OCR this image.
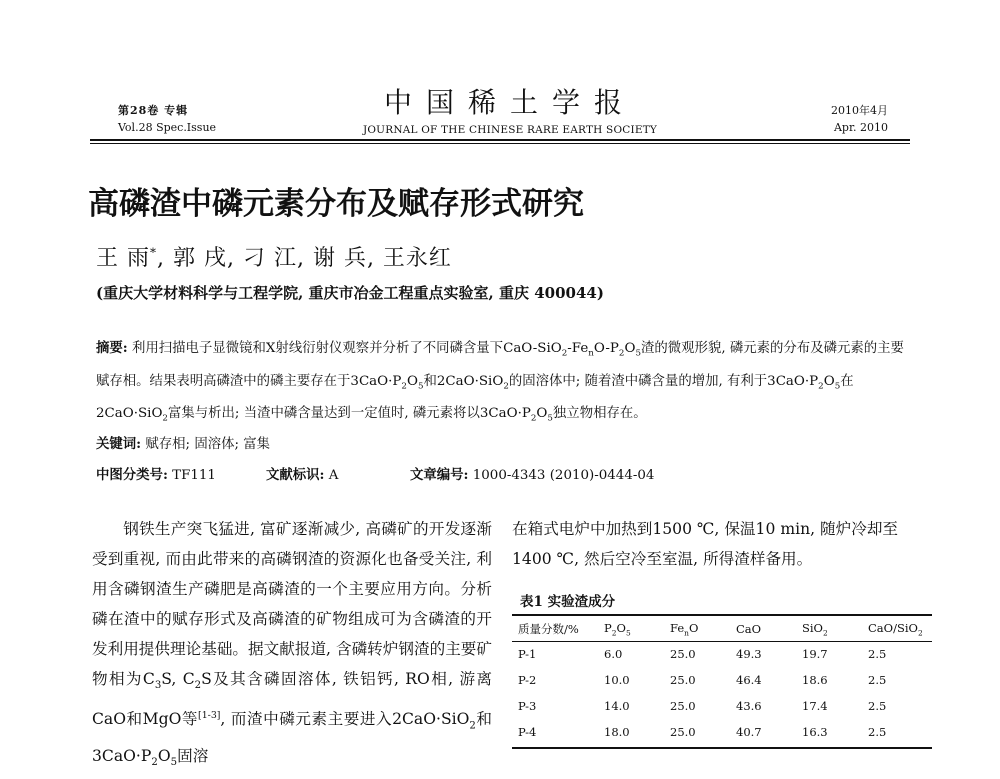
第28卷 专辑
Vol.28 Spec.Issue
中国稀土学报
JOURNAL OF THE CHINESE RARE EARTH SOCIETY
2010年4月
Apr. 2010
高磷渣中磷元素分布及赋存形式研究
王 雨*, 郭 戌, 刁 江, 谢 兵, 王永红
(重庆大学材料科学与工程学院, 重庆市冶金工程重点实验室, 重庆 400044)
摘要: 利用扫描电子显微镜和X射线衍射仪观察并分析了不同磷含量下CaO-$SiO_2-Fe_nO-P_2O_5$渣的微观形貌, 磷元素的分布及磷元素的主要赋存相。结果表明高磷渣中的磷主要存在于$3CaO\cdot P_2O_5$和2CaO·SiO$_2$的固溶体中; 随着渣中磷含量的增加, 有利于$3CaO\cdot P_2O_5$在2CaO·SiO$_2$富集与析出; 当渣中磷含量达到一定值时, 磷元素将以$3CaO\cdot P_2O_5$独立物相存在。
关键词: 赋存相; 固溶体; 富集
中图分类号: TF111	文献标识: A	文章编号: 1000-4343 (2010)-0444-04

钢铁生产突飞猛进, 富矿逐渐减少, 高磷矿的开发逐渐受到重视, 而由此带来的高磷钢渣的资源化也备受关注, 利用含磷钢渣生产磷肥是高磷渣的一个主要应用方向。分析磷在渣中的赋存形式及高磷渣的矿物组成可为含磷渣的开发利用提供理论基础。据文献报道, 含磷转炉钢渣的主要矿物相为$C_3S$, $C_2S$及其含磷固溶体, 铁铝钙, RO相, 游离CaO和MgO等[1-3], 而渣中磷元素主要进入2CaO·SiO$_2$和$3CaO\cdot P_2O_5$固溶

在箱式电炉中加热到1500 ℃, 保温10 min, 随炉冷却至1400 ℃, 然后空冷至室温, 所得渣样备用。

表1 实验渣成分
质量分数/%	$P_2O_5$	$Fe_nO$	CaO	SiO$_2$	CaO/SiO$_2$
P-1	6.0	25.0	49.3	19.7	2.5
P-2	10.0	25.0	46.4	18.6	2.5
P-3	14.0	25.0	43.6	17.4	2.5
P-4	18.0	25.0	40.7	16.3	2.5
